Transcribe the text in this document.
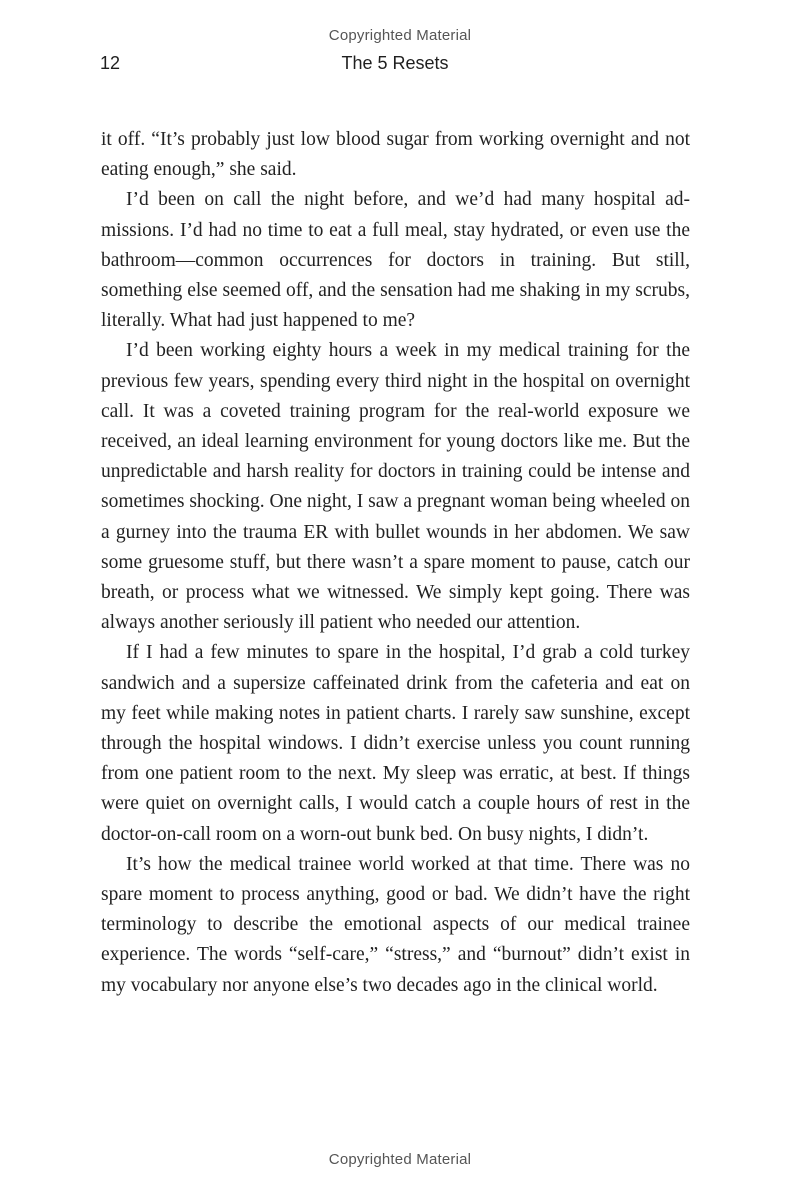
Copyrighted Material
12	The 5 Resets

it off. “It’s probably just low blood sugar from working overnight and not eating enough,” she said.

I’d been on call the night before, and we’d had many hospital admissions. I’d had no time to eat a full meal, stay hydrated, or even use the bathroom—common occurrences for doctors in training. But still, something else seemed off, and the sensation had me shaking in my scrubs, literally. What had just happened to me?

I’d been working eighty hours a week in my medical training for the previous few years, spending every third night in the hospital on overnight call. It was a coveted training program for the real-world exposure we received, an ideal learning environment for young doctors like me. But the unpredictable and harsh reality for doctors in training could be intense and sometimes shocking. One night, I saw a pregnant woman being wheeled on a gurney into the trauma ER with bullet wounds in her abdomen. We saw some gruesome stuff, but there wasn’t a spare moment to pause, catch our breath, or process what we witnessed. We simply kept going. There was always another seriously ill patient who needed our attention.

If I had a few minutes to spare in the hospital, I’d grab a cold turkey sandwich and a supersize caffeinated drink from the cafeteria and eat on my feet while making notes in patient charts. I rarely saw sunshine, except through the hospital windows. I didn’t exercise unless you count running from one patient room to the next. My sleep was erratic, at best. If things were quiet on overnight calls, I would catch a couple hours of rest in the doctor-on-call room on a worn-out bunk bed. On busy nights, I didn’t.

It’s how the medical trainee world worked at that time. There was no spare moment to process anything, good or bad. We didn’t have the right terminology to describe the emotional aspects of our medical trainee experience. The words “self-care,” “stress,” and “burnout” didn’t exist in my vocabulary nor anyone else’s two decades ago in the clinical world.

Copyrighted Material
